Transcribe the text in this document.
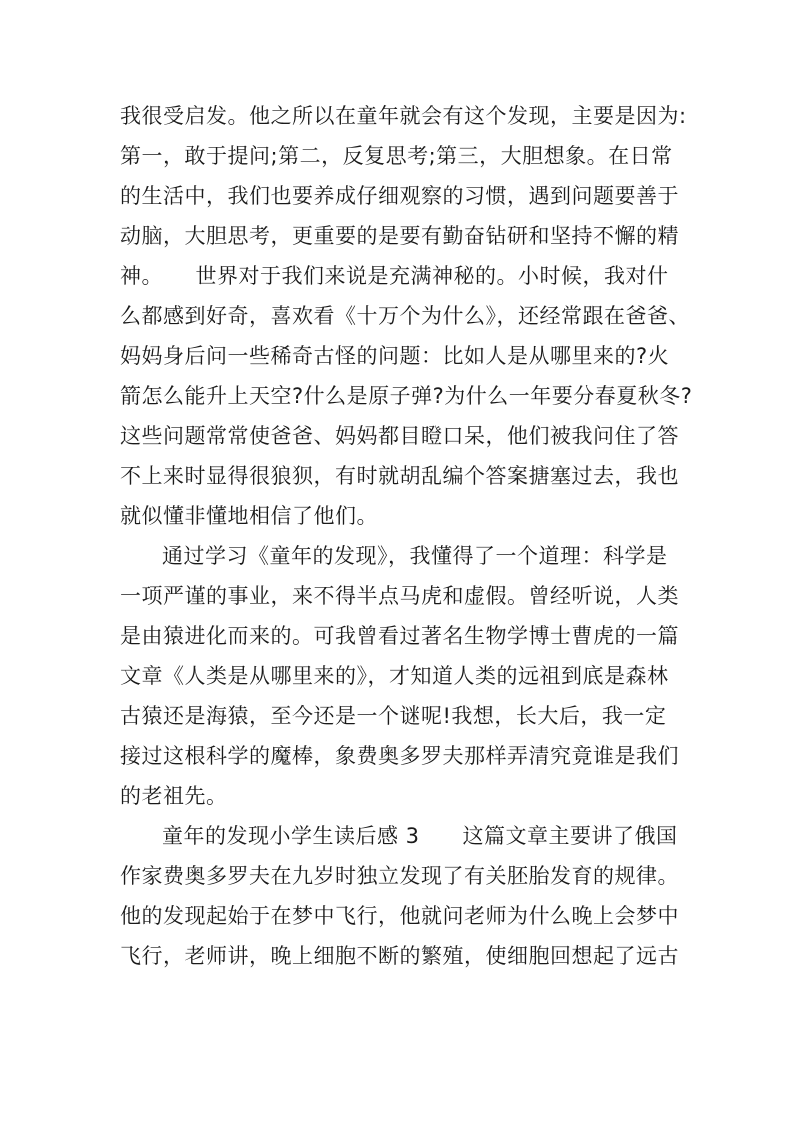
我很受启发。他之所以在童年就会有这个发现，主要是因为:
第一，敢于提问;第二，反复思考;第三，大胆想象。在日常
的生活中，我们也要养成仔细观察的习惯，遇到问题要善于
动脑，大胆思考，更重要的是要有勤奋钻研和坚持不懈的精
神。　　世界对于我们来说是充满神秘的。小时候，我对什
么都感到好奇，喜欢看《十万个为什么》，还经常跟在爸爸、
妈妈身后问一些稀奇古怪的问题：比如人是从哪里来的?火
箭怎么能升上天空?什么是原子弹?为什么一年要分春夏秋冬?
这些问题常常使爸爸、妈妈都目瞪口呆，他们被我问住了答
不上来时显得很狼狈，有时就胡乱编个答案搪塞过去，我也
就似懂非懂地相信了他们。
通过学习《童年的发现》，我懂得了一个道理：科学是
一项严谨的事业，来不得半点马虎和虚假。曾经听说，人类
是由猿进化而来的。可我曾看过著名生物学博士曹虎的一篇
文章《人类是从哪里来的》，才知道人类的远祖到底是森林
古猿还是海猿，至今还是一个谜呢!我想，长大后，我一定
接过这根科学的魔棒，象费奥多罗夫那样弄清究竟谁是我们
的老祖先。
童年的发现小学生读后感 3　　这篇文章主要讲了俄国
作家费奥多罗夫在九岁时独立发现了有关胚胎发育的规律。
他的发现起始于在梦中飞行，他就问老师为什么晚上会梦中
飞行，老师讲，晚上细胞不断的繁殖，使细胞回想起了远古
